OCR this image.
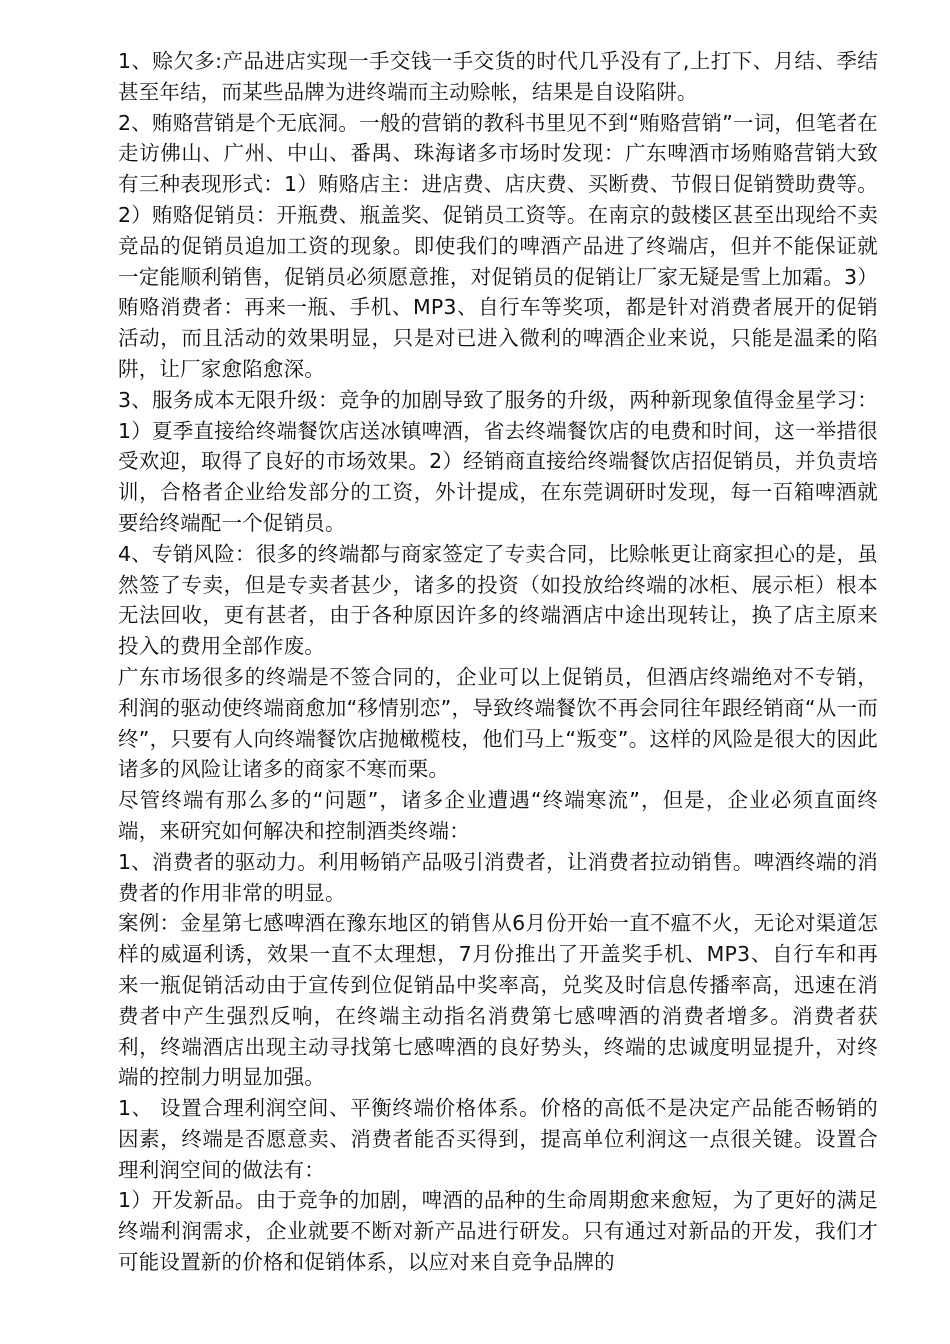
1、赊欠多:产品进店实现一手交钱一手交货的时代几乎没有了,上打下、月结、季结甚至年结，而某些品牌为进终端而主动赊帐，结果是自设陷阱。

2、贿赂营销是个无底洞。一般的营销的教科书里见不到“贿赂营销”一词，但笔者在走访佛山、广州、中山、番禺、珠海诸多市场时发现：广东啤酒市场贿赂营销大致有三种表现形式：1）贿赂店主：进店费、店庆费、买断费、节假日促销赞助费等。2）贿赂促销员：开瓶费、瓶盖奖、促销员工资等。在南京的鼓楼区甚至出现给不卖竞品的促销员追加工资的现象。即使我们的啤酒产品进了终端店，但并不能保证就一定能顺利销售，促销员必须愿意推，对促销员的促销让厂家无疑是雪上加霜。3）贿赂消费者：再来一瓶、手机、MP3、自行车等奖项，都是针对消费者展开的促销活动，而且活动的效果明显，只是对已进入微利的啤酒企业来说，只能是温柔的陷阱，让厂家愈陷愈深。

3、服务成本无限升级：竞争的加剧导致了服务的升级，两种新现象值得金星学习：1）夏季直接给终端餐饮店送冰镇啤酒，省去终端餐饮店的电费和时间，这一举措很受欢迎，取得了良好的市场效果。2）经销商直接给终端餐饮店招促销员，并负责培训，合格者企业给发部分的工资，外计提成，在东莞调研时发现，每一百箱啤酒就要给终端配一个促销员。

4、专销风险：很多的终端都与商家签定了专卖合同，比赊帐更让商家担心的是，虽然签了专卖，但是专卖者甚少，诸多的投资（如投放给终端的冰柜、展示柜）根本无法回收，更有甚者，由于各种原因许多的终端酒店中途出现转让，换了店主原来投入的费用全部作废。

广东市场很多的终端是不签合同的，企业可以上促销员，但酒店终端绝对不专销，利润的驱动使终端商愈加“移情别恋”，导致终端餐饮不再会同往年跟经销商“从一而终”，只要有人向终端餐饮店抛橄榄枝，他们马上“叛变”。这样的风险是很大的因此诸多的风险让诸多的商家不寒而栗。

尽管终端有那么多的“问题”，诸多企业遭遇“终端寒流”，但是，企业必须直面终端，来研究如何解决和控制酒类终端：

1、消费者的驱动力。利用畅销产品吸引消费者，让消费者拉动销售。啤酒终端的消费者的作用非常的明显。

案例：金星第七感啤酒在豫东地区的销售从6月份开始一直不瘟不火，无论对渠道怎样的威逼利诱，效果一直不太理想，7月份推出了开盖奖手机、MP3、自行车和再来一瓶促销活动由于宣传到位促销品中奖率高，兑奖及时信息传播率高，迅速在消费者中产生强烈反响，在终端主动指名消费第七感啤酒的消费者增多。消费者获利，终端酒店出现主动寻找第七感啤酒的良好势头，终端的忠诚度明显提升，对终端的控制力明显加强。

1、 设置合理利润空间、平衡终端价格体系。价格的高低不是决定产品能否畅销的因素，终端是否愿意卖、消费者能否买得到，提高单位利润这一点很关键。设置合理利润空间的做法有：

1）开发新品。由于竞争的加剧，啤酒的品种的生命周期愈来愈短，为了更好的满足终端利润需求，企业就要不断对新产品进行研发。只有通过对新品的开发，我们才可能设置新的价格和促销体系，以应对来自竞争品牌的
